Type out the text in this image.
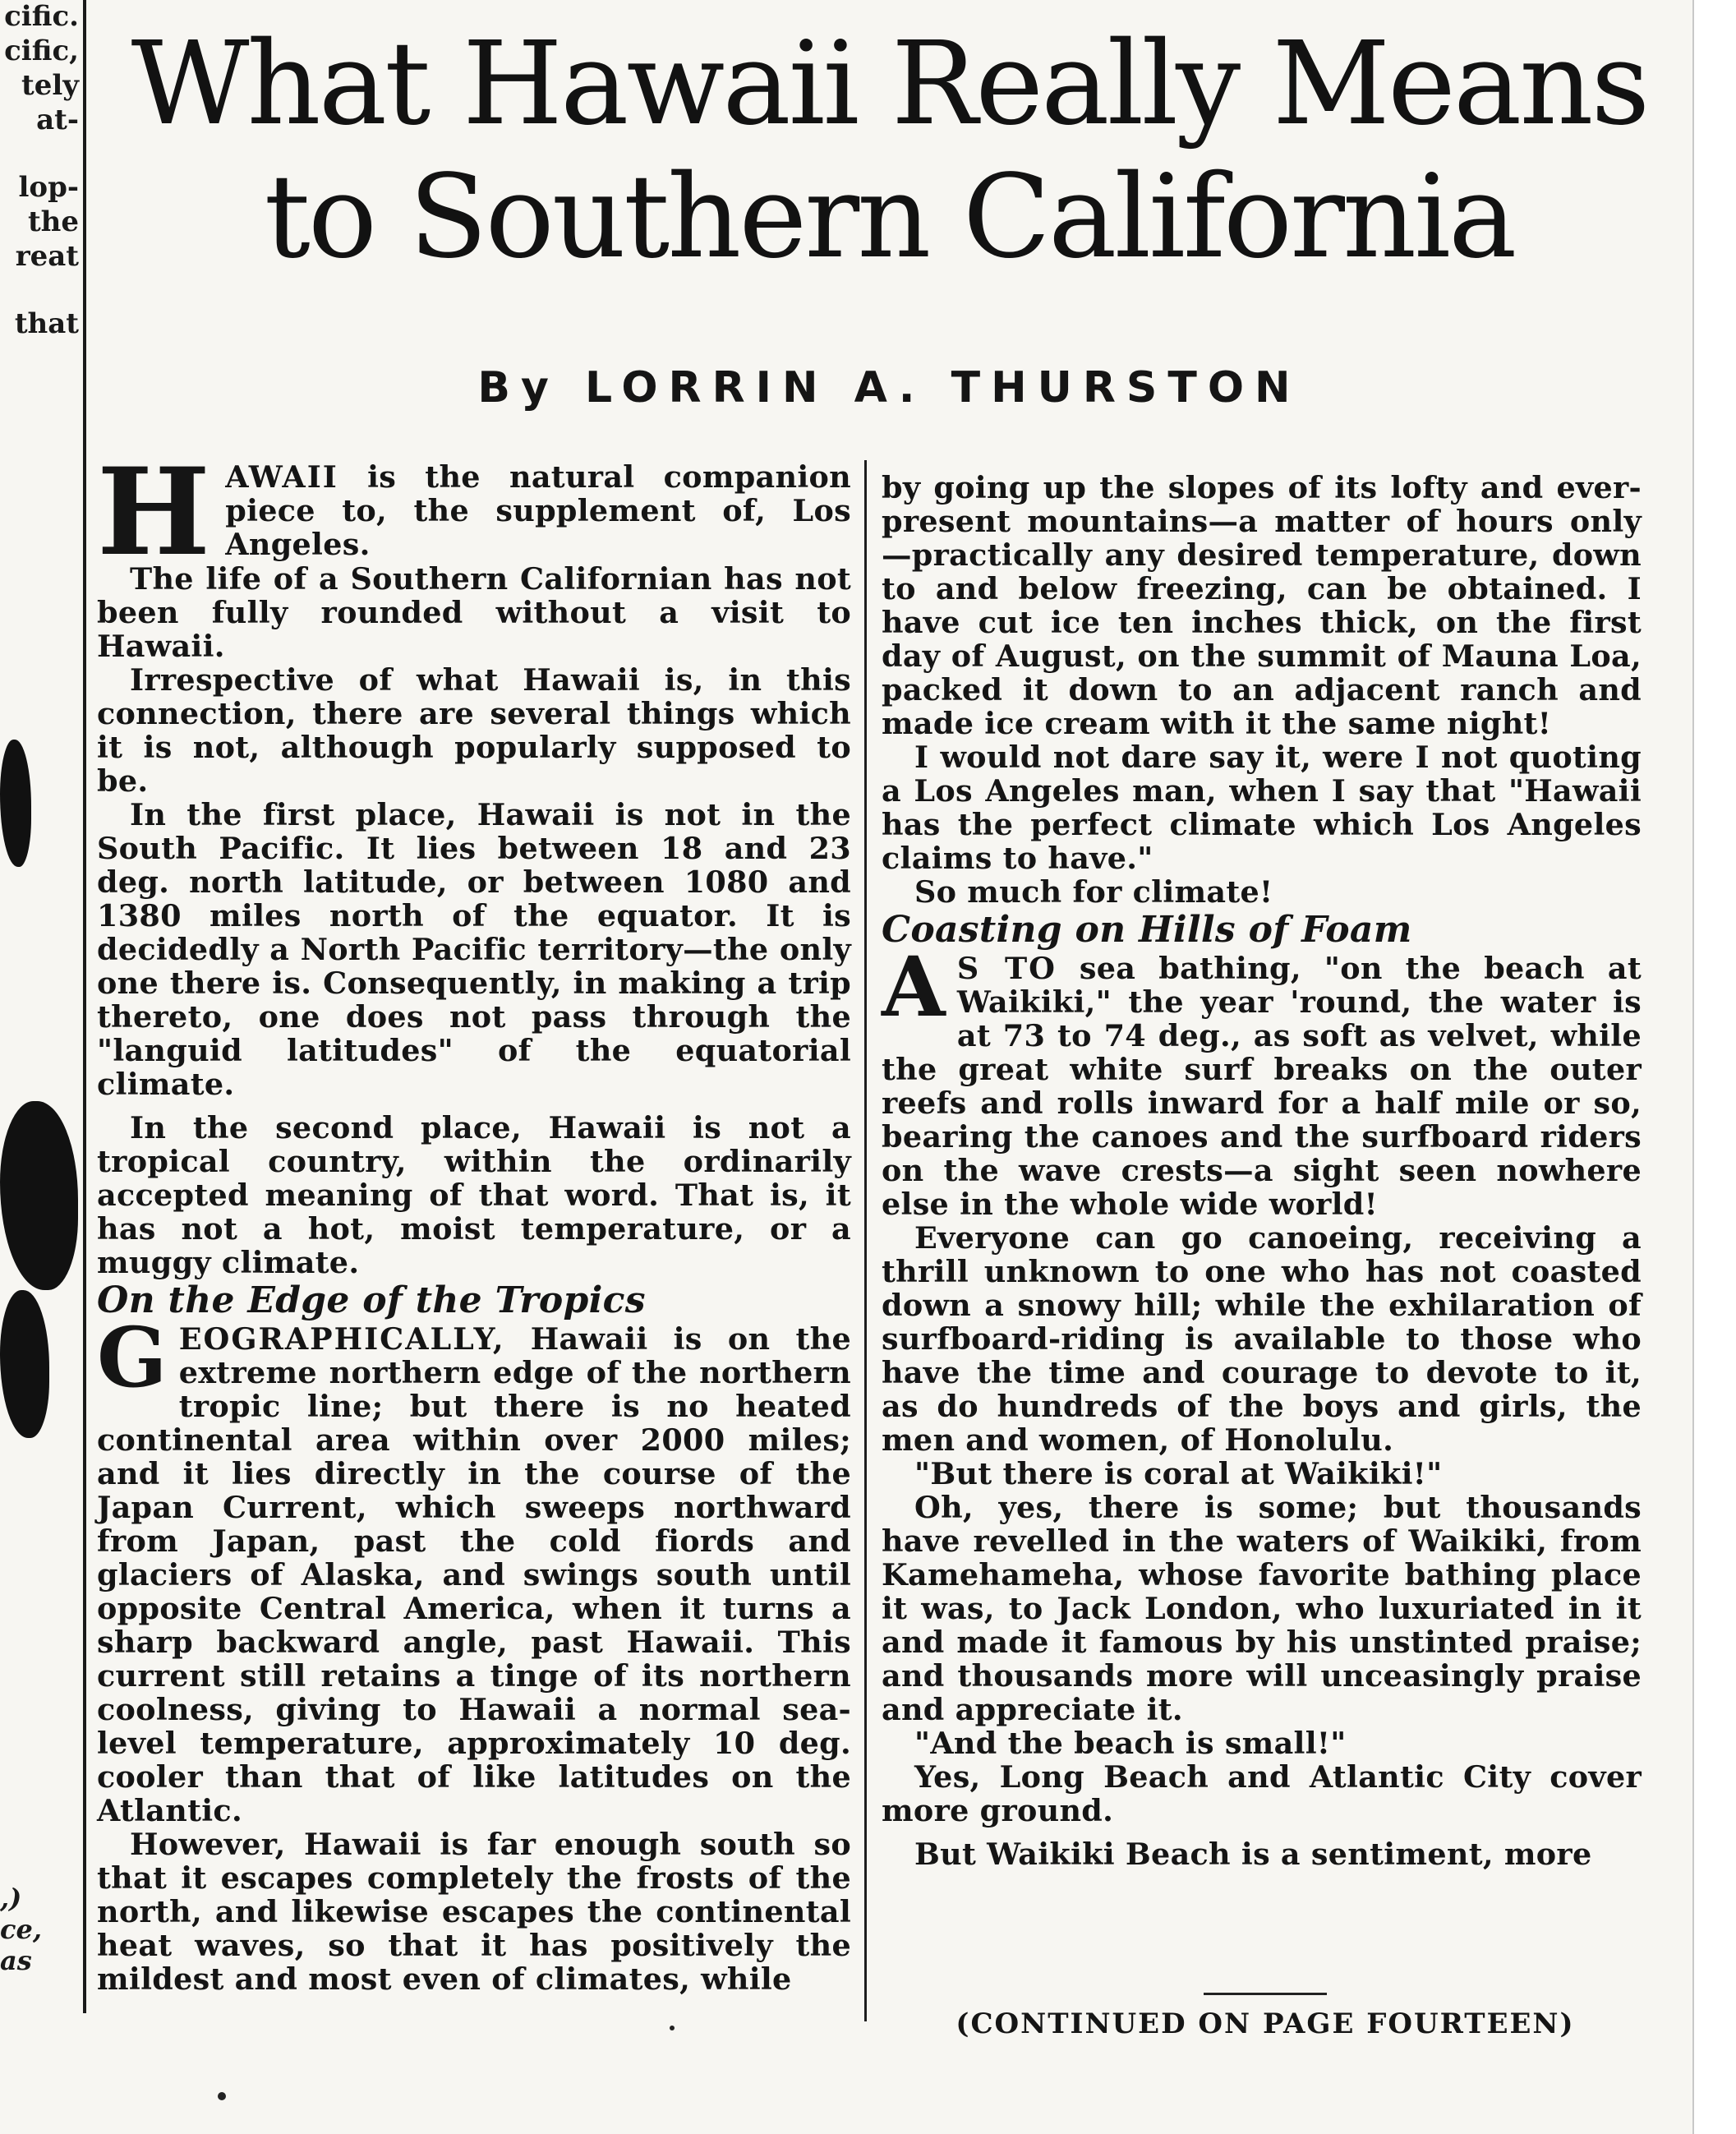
cific.
cific,
tely
at-
lop-
the
reat
that
,)
ce,
as
What Hawaii Really Means
to Southern California
By LORRIN A. THURSTON

HAWAII is the natural companion piece to, the supplement of, Los Angeles.

The life of a Southern Californian has not been fully rounded without a visit to Hawaii.

Irrespective of what Hawaii is, in this connection, there are several things which it is not, although popularly supposed to be.

In the first place, Hawaii is not in the South Pacific. It lies between 18 and 23 deg. north latitude, or between 1080 and 1380 miles north of the equator. It is decidedly a North Pacific territory—the only one there is. Consequently, in making a trip thereto, one does not pass through the "languid latitudes" of the equatorial climate.

In the second place, Hawaii is not a tropical country, within the ordinarily accepted meaning of that word. That is, it has not a hot, moist temperature, or a muggy climate.

On the Edge of the Tropics

GEOGRAPHICALLY, Hawaii is on the extreme northern edge of the northern tropic line; but there is no heated continental area within over 2000 miles; and it lies directly in the course of the Japan Current, which sweeps northward from Japan, past the cold fiords and glaciers of Alaska, and swings south until opposite Central America, when it turns a sharp backward angle, past Hawaii. This current still retains a tinge of its northern coolness, giving to Hawaii a normal sea-level temperature, approximately 10 deg. cooler than that of like latitudes on the Atlantic.

However, Hawaii is far enough south so that it escapes completely the frosts of the north, and likewise escapes the continental heat waves, so that it has positively the mildest and most even of climates, while

by going up the slopes of its lofty and ever-present mountains—a matter of hours only—practically any desired temperature, down to and below freezing, can be obtained. I have cut ice ten inches thick, on the first day of August, on the summit of Mauna Loa, packed it down to an adjacent ranch and made ice cream with it the same night!

I would not dare say it, were I not quoting a Los Angeles man, when I say that "Hawaii has the perfect climate which Los Angeles claims to have."

So much for climate!

Coasting on Hills of Foam

A S TO sea bathing, "on the beach at Waikiki," the year 'round, the water is at 73 to 74 deg., as soft as velvet, while the great white surf breaks on the outer reefs and rolls inward for a half mile or so, bearing the canoes and the surfboard riders on the wave crests—a sight seen nowhere else in the whole wide world!

Everyone can go canoeing, receiving a thrill unknown to one who has not coasted down a snowy hill; while the exhilaration of surfboard-riding is available to those who have the time and courage to devote to it, as do hundreds of the boys and girls, the men and women, of Honolulu.

"But there is coral at Waikiki!"

Oh, yes, there is some; but thousands have revelled in the waters of Waikiki, from Kamehameha, whose favorite bathing place it was, to Jack London, who luxuriated in it and made it famous by his unstinted praise; and thousands more will unceasingly praise and appreciate it.

"And the beach is small!"

Yes, Long Beach and Atlantic City cover more ground.

But Waikiki Beach is a sentiment, more

(CONTINUED ON PAGE FOURTEEN)
